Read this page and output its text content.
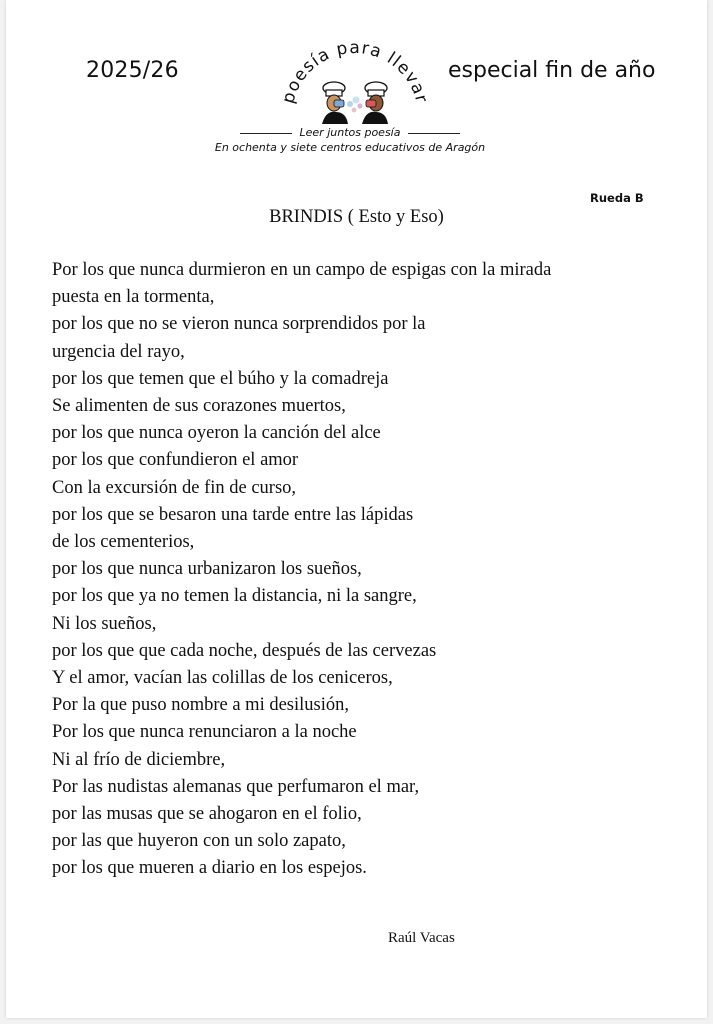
2025/26	especial fin de año
poesía para llevar
Leer juntos poesía
En ochenta y siete centros educativos de Aragón
Rueda B
BRINDIS ( Esto y Eso)
Por los que nunca durmieron en un campo de espigas con la mirada
puesta en la tormenta,
por los que no se vieron nunca sorprendidos por la
urgencia del rayo,
por los que temen que el búho y la comadreja
Se alimenten de sus corazones muertos,
por los que nunca oyeron la canción del alce
por los que confundieron el amor
Con la excursión de fin de curso,
por los que se besaron una tarde entre las lápidas
de los cementerios,
por los que nunca urbanizaron los sueños,
por los que ya no temen la distancia, ni la sangre,
Ni los sueños,
por los que que cada noche, después de las cervezas
Y el amor, vacían las colillas de los ceniceros,
Por la que puso nombre a mi desilusión,
Por los que nunca renunciaron a la noche
Ni al frío de diciembre,
Por las nudistas alemanas que perfumaron el mar,
por las musas que se ahogaron en el folio,
por las que huyeron con un solo zapato,
por los que mueren a diario en los espejos.
Raúl Vacas
